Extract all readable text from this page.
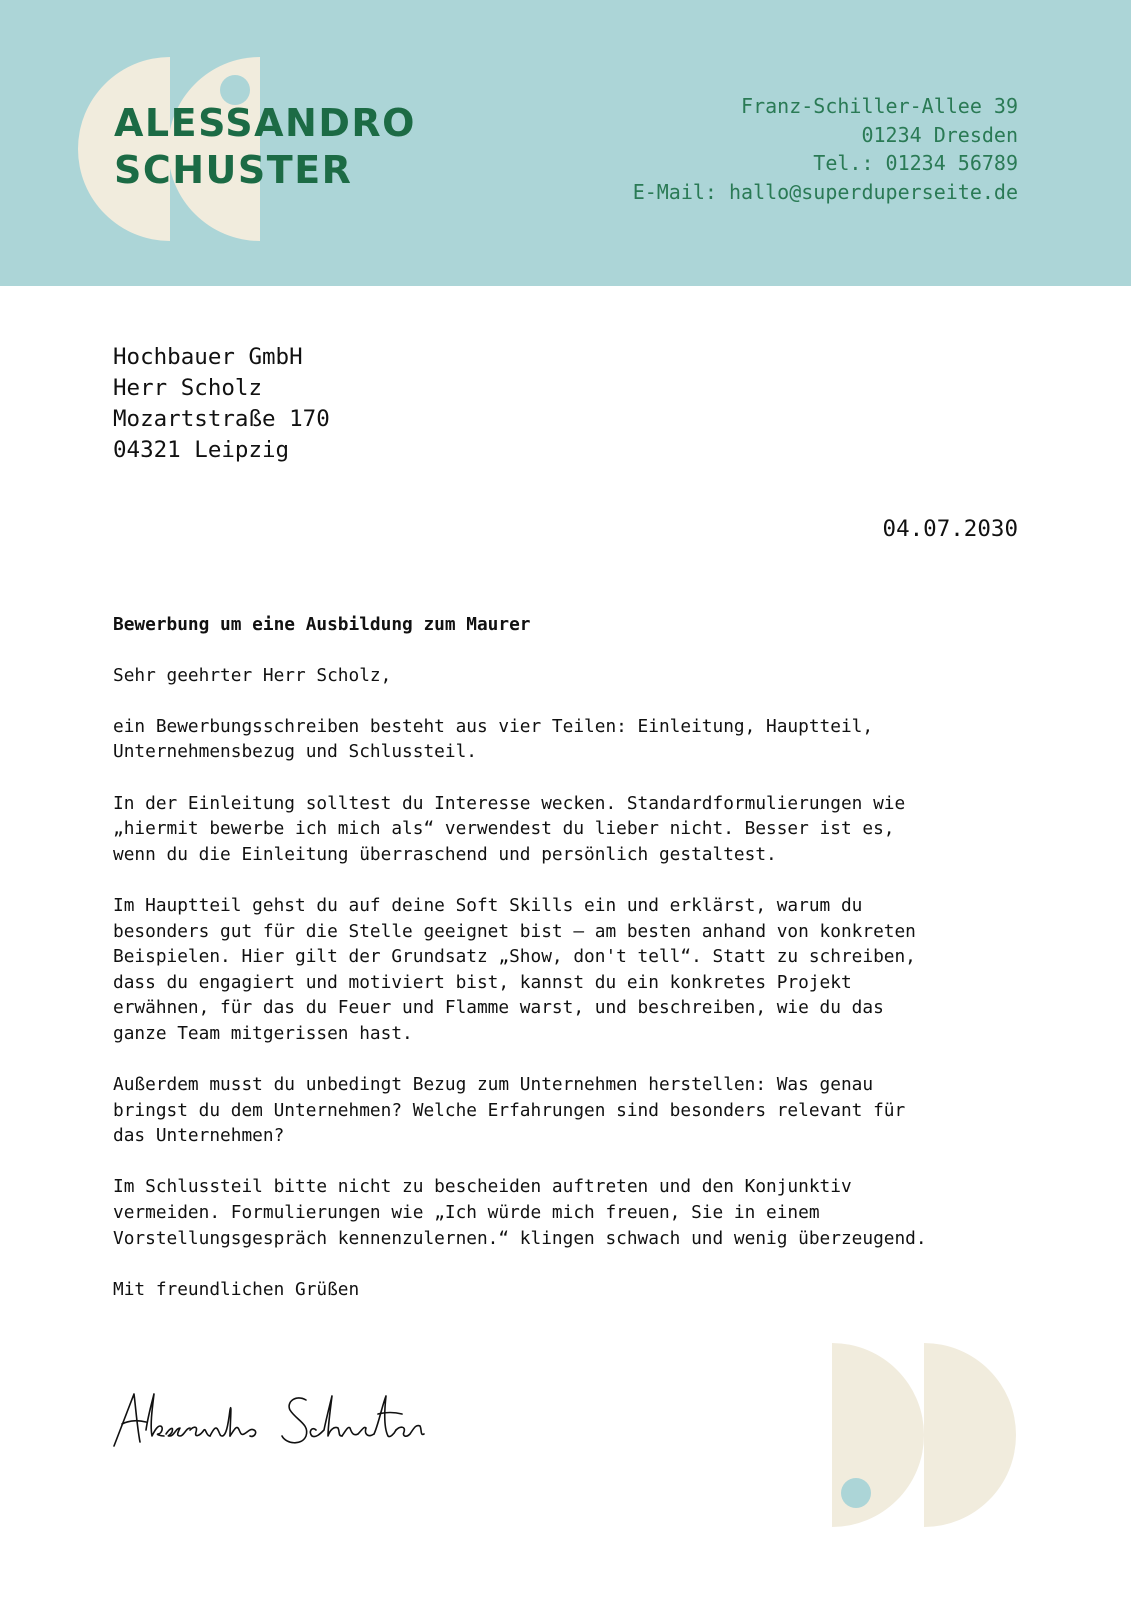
ALESSANDRO
SCHUSTER
Franz-Schiller-Allee 39
01234 Dresden
Tel.: 01234 56789
E-Mail: hallo@superduperseite.de
Hochbauer GmbH
Herr Scholz
Mozartstraße 170
04321 Leipzig
04.07.2030

Bewerbung um eine Ausbildung zum Maurer

Sehr geehrter Herr Scholz,

ein Bewerbungsschreiben besteht aus vier Teilen: Einleitung, Hauptteil,
Unternehmensbezug und Schlussteil.

In der Einleitung solltest du Interesse wecken. Standardformulierungen wie
„hiermit bewerbe ich mich als“ verwendest du lieber nicht. Besser ist es,
wenn du die Einleitung überraschend und persönlich gestaltest.

Im Hauptteil gehst du auf deine Soft Skills ein und erklärst, warum du
besonders gut für die Stelle geeignet bist – am besten anhand von konkreten
Beispielen. Hier gilt der Grundsatz „Show, don't tell“. Statt zu schreiben,
dass du engagiert und motiviert bist, kannst du ein konkretes Projekt
erwähnen, für das du Feuer und Flamme warst, und beschreiben, wie du das
ganze Team mitgerissen hast.

Außerdem musst du unbedingt Bezug zum Unternehmen herstellen: Was genau
bringst du dem Unternehmen? Welche Erfahrungen sind besonders relevant für
das Unternehmen?

Im Schlussteil bitte nicht zu bescheiden auftreten und den Konjunktiv
vermeiden. Formulierungen wie „Ich würde mich freuen, Sie in einem
Vorstellungsgespräch kennenzulernen.“ klingen schwach und wenig überzeugend.

Mit freundlichen Grüßen
